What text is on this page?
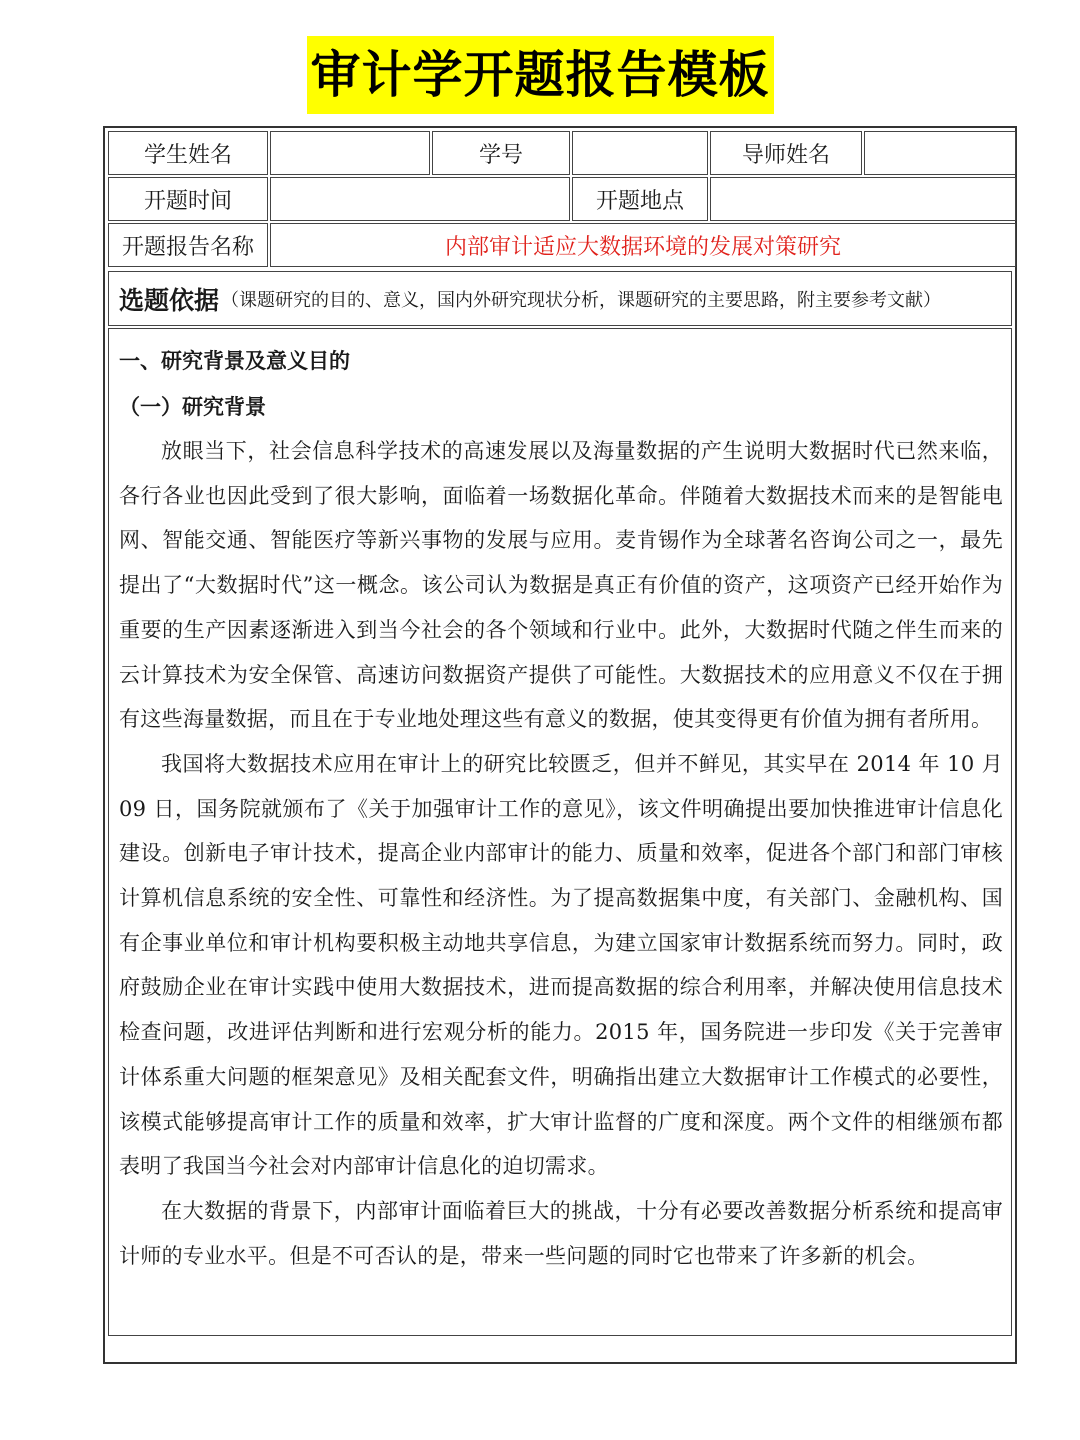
审计学开题报告模板
学生姓名		学号		导师姓名	
开题时间			开题地点		
开题报告名称	内部审计适应大数据环境的发展对策研究				
选题依据 （课题研究的目的、意义，国内外研究现状分析，课题研究的主要思路，附主要参考文献）
一、研究背景及意义目的
（一）研究背景

放眼当下，社会信息科学技术的高速发展以及海量数据的产生说明大数据时代已然来临，各行各业也因此受到了很大影响，面临着一场数据化革命。伴随着大数据技术而来的是智能电网、智能交通、智能医疗等新兴事物的发展与应用。麦肯锡作为全球著名咨询公司之一，最先提出了“大数据时代”这一概念。该公司认为数据是真正有价值的资产，这项资产已经开始作为重要的生产因素逐渐进入到当今社会的各个领域和行业中。此外，大数据时代随之伴生而来的云计算技术为安全保管、高速访问数据资产提供了可能性。大数据技术的应用意义不仅在于拥有这些海量数据，而且在于专业地处理这些有意义的数据，使其变得更有价值为拥有者所用。

我国将大数据技术应用在审计上的研究比较匮乏，但并不鲜见，其实早在 2014 年 10 月 09 日，国务院就颁布了《关于加强审计工作的意见》，该文件明确提出要加快推进审计信息化建设。创新电子审计技术，提高企业内部审计的能力、质量和效率，促进各个部门和部门审核计算机信息系统的安全性、可靠性和经济性。为了提高数据集中度，有关部门、金融机构、国有企事业单位和审计机构要积极主动地共享信息，为建立国家审计数据系统而努力。同时，政府鼓励企业在审计实践中使用大数据技术，进而提高数据的综合利用率，并解决使用信息技术检查问题，改进评估判断和进行宏观分析的能力。2015 年，国务院进一步印发《关于完善审计体系重大问题的框架意见》及相关配套文件，明确指出建立大数据审计工作模式的必要性，该模式能够提高审计工作的质量和效率，扩大审计监督的广度和深度。两个文件的相继颁布都表明了我国当今社会对内部审计信息化的迫切需求。

在大数据的背景下，内部审计面临着巨大的挑战，十分有必要改善数据分析系统和提高审计师的专业水平。但是不可否认的是，带来一些问题的同时它也带来了许多新的机会。
